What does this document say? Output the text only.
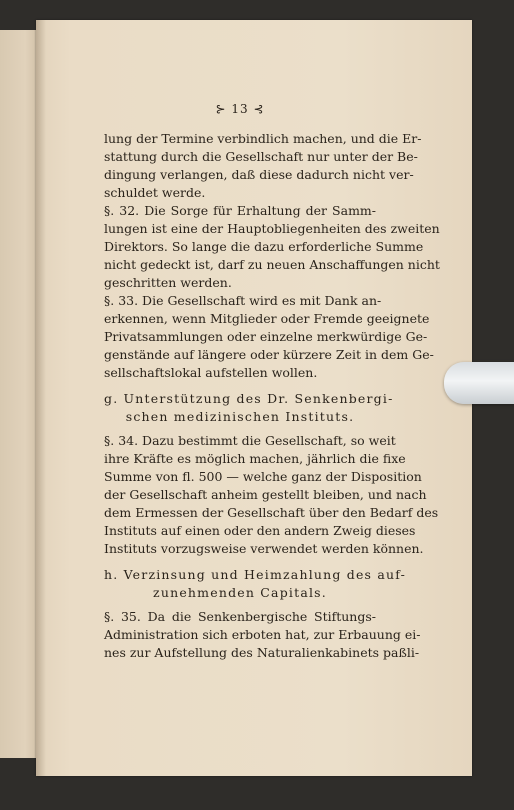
⊱ 13 ⊰
lung der Termine verbindlich machen, und die Er-
stattung durch die Gesellschaft nur unter der Be-
dingung verlangen, daß diese dadurch nicht ver-
schuldet werde.
§. 32. Die Sorge für Erhaltung der Samm-
lungen ist eine der Hauptobliegenheiten des zweiten
Direktors. So lange die dazu erforderliche Summe
nicht gedeckt ist, darf zu neuen Anschaffungen nicht
geschritten werden.
§. 33. Die Gesellschaft wird es mit Dank an-
erkennen, wenn Mitglieder oder Fremde geeignete
Privatsammlungen oder einzelne merkwürdige Ge-
genstände auf längere oder kürzere Zeit in dem Ge-
sellschaftslokal aufstellen wollen.
g. Unterstützung des Dr. Senkenbergi-
schen medizinischen Instituts.
§. 34. Dazu bestimmt die Gesellschaft, so weit
ihre Kräfte es möglich machen, jährlich die fixe
Summe von fl. 500 — welche ganz der Disposition
der Gesellschaft anheim gestellt bleiben, und nach
dem Ermessen der Gesellschaft über den Bedarf des
Instituts auf einen oder den andern Zweig dieses
Instituts vorzugsweise verwendet werden können.
h. Verzinsung und Heimzahlung des auf-
zunehmenden Capitals.
§. 35. Da die Senkenbergische Stiftungs-
Administration sich erboten hat, zur Erbauung ei-
nes zur Aufstellung des Naturalienkabinets paßli-
